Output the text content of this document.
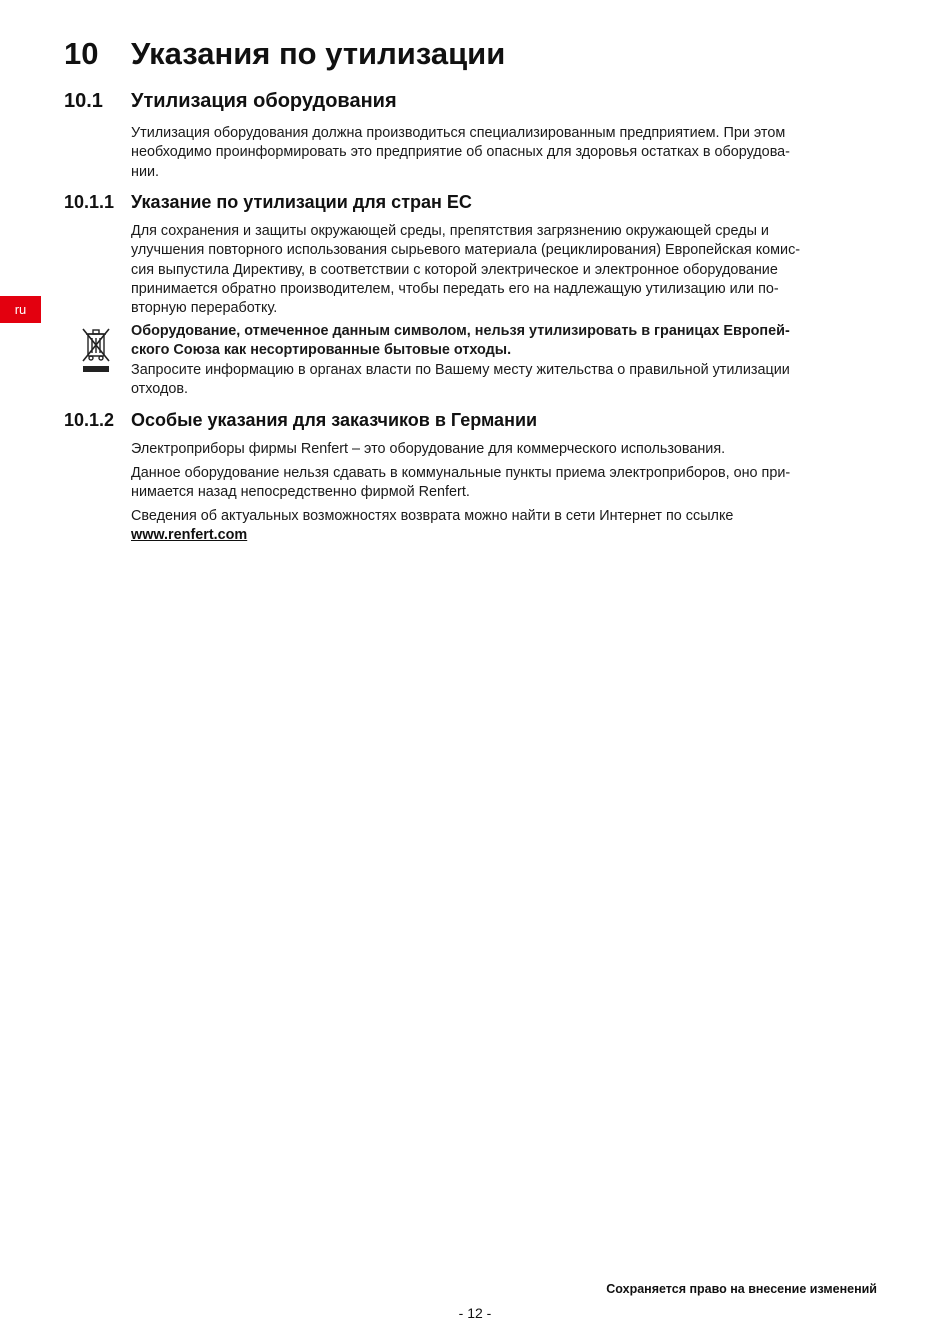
ru
10 Указания по утилизации
10.1 Утилизация оборудования

Утилизация оборудования должна производиться специализированным предприятием. При этом
необходимо проинформировать это предприятие об опасных для здоровья остатках в оборудова-
нии.

10.1.1 Указание по утилизации для стран ЕС

Для сохранения и защиты окружающей среды, препятствия загрязнению окружающей среды и
улучшения повторного использования сырьевого материала (рециклирования) Европейская комис-
сия выпустила Директиву, в соответствии с которой электрическое и электронное оборудование
принимается обратно производителем, чтобы передать его на надлежащую утилизацию или по-
вторную переработку.

Оборудование, отмеченное данным символом, нельзя утилизировать в границах Европей-
ского Союза как несортированные бытовые отходы.
Запросите информацию в органах власти по Вашему месту жительства о правильной утилизации
отходов.

10.1.2 Особые указания для заказчиков в Германии

Электроприборы фирмы Renfert – это оборудование для коммерческого использования.

Данное оборудование нельзя сдавать в коммунальные пункты приема электроприборов, оно при-
нимается назад непосредственно фирмой Renfert.

Сведения об актуальных возможностях возврата можно найти в сети Интернет по ссылке
www.renfert.com

Сохраняется право на внесение изменений
- 12 -
